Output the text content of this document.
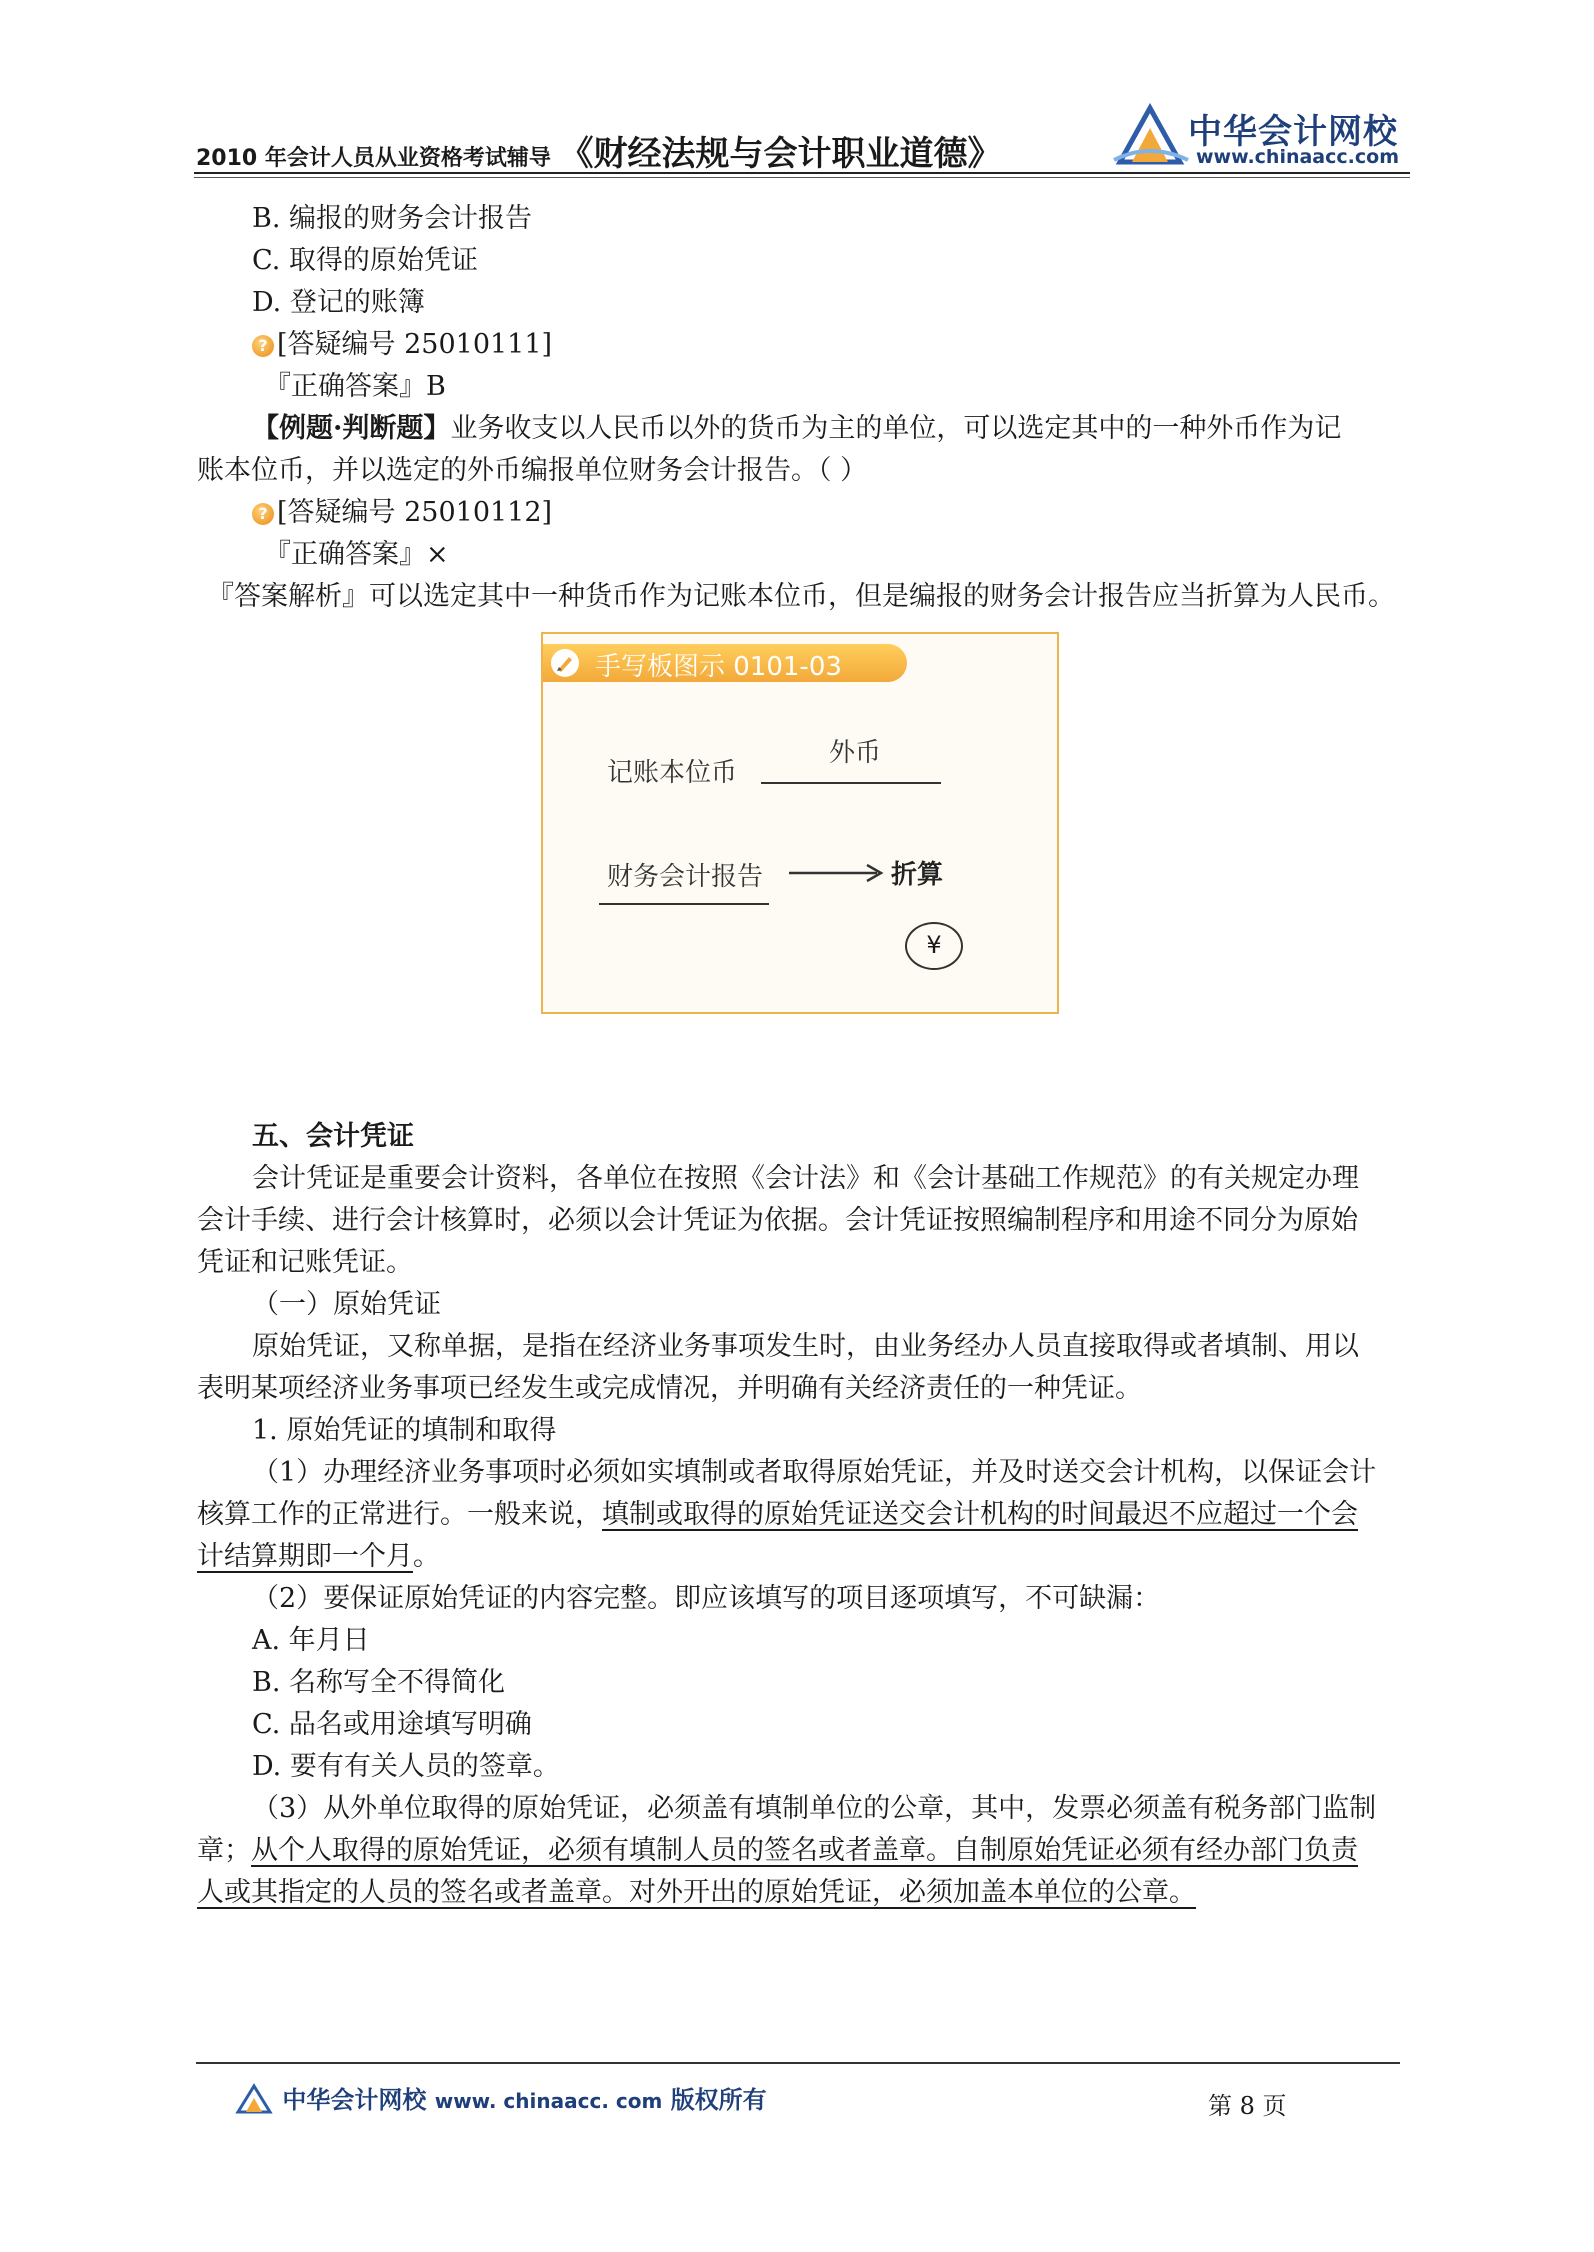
2010 年会计人员从业资格考试辅导 《财经法规与会计职业道德》
中华会计网校
www.chinaacc.com
B. 编报的财务会计报告
C. 取得的原始凭证
D. 登记的账簿
? [答疑编号 25010111]
『正确答案』B
【例题·判断题】业务收支以人民币以外的货币为主的单位，可以选定其中的一种外币作为记
账本位币，并以选定的外币编报单位财务会计报告。（ ）
? [答疑编号 25010112]
『正确答案』×
『答案解析』可以选定其中一种货币作为记账本位币，但是编报的财务会计报告应当折算为人民币。
手写板图示 0101-03
外币
记账本位币
财务会计报告	折算
¥
五、会计凭证
会计凭证是重要会计资料，各单位在按照《会计法》和《会计基础工作规范》的有关规定办理
会计手续、进行会计核算时，必须以会计凭证为依据。会计凭证按照编制程序和用途不同分为原始
凭证和记账凭证。
（一）原始凭证
原始凭证，又称单据，是指在经济业务事项发生时，由业务经办人员直接取得或者填制、用以
表明某项经济业务事项已经发生或完成情况，并明确有关经济责任的一种凭证。
1. 原始凭证的填制和取得
（1）办理经济业务事项时必须如实填制或者取得原始凭证，并及时送交会计机构，以保证会计
核算工作的正常进行。一般来说，填制或取得的原始凭证送交会计机构的时间最迟不应超过一个会
计结算期即一个月。
（2）要保证原始凭证的内容完整。即应该填写的项目逐项填写，不可缺漏：
A. 年月日
B. 名称写全不得简化
C. 品名或用途填写明确
D. 要有有关人员的签章。
（3）从外单位取得的原始凭证，必须盖有填制单位的公章，其中，发票必须盖有税务部门监制
章；从个人取得的原始凭证，必须有填制人员的签名或者盖章。自制原始凭证必须有经办部门负责
人或其指定的人员的签名或者盖章。对外开出的原始凭证，必须加盖本单位的公章。
中华会计网校 www. chinaacc. com 版权所有	第 8 页
